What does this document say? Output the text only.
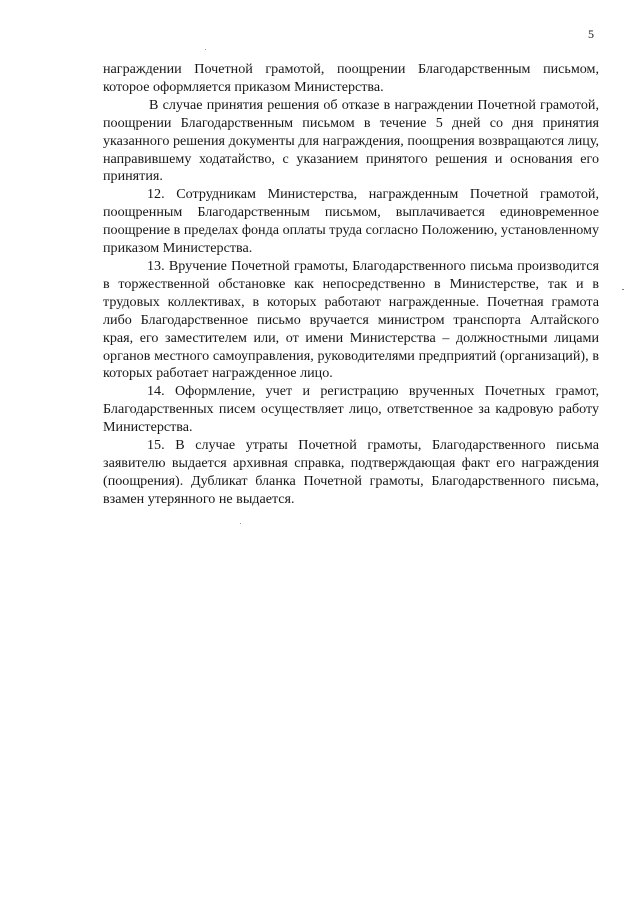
5

награждении Почетной грамотой, поощрении Благодарственным письмом, которое оформляется приказом Министерства.

В случае принятия решения об отказе в награждении Почетной грамотой, поощрении Благодарственным письмом в течение 5 дней со дня принятия указанного решения документы для награждения, поощрения возвращаются лицу, направившему ходатайство, с указанием принятого решения и основания его принятия.

12. Сотрудникам Министерства, награжденным Почетной грамотой, поощренным Благодарственным письмом, выплачивается единовременное поощрение в пределах фонда оплаты труда согласно Положению, установленному приказом Министерства.

13. Вручение Почетной грамоты, Благодарственного письма производится в торжественной обстановке как непосредственно в Министерстве, так и в трудовых коллективах, в которых работают награжденные. Почетная грамота либо Благодарственное письмо вручается министром транспорта Алтайского края, его заместителем или, от имени Министерства – должностными лицами органов местного самоуправления, руководителями предприятий (организаций), в которых работает награжденное лицо.

14. Оформление, учет и регистрацию врученных Почетных грамот, Благодарственных писем осуществляет лицо, ответственное за кадровую работу Министерства.

15. В случае утраты Почетной грамоты, Благодарственного письма заявителю выдается архивная справка, подтверждающая факт его награждения (поощрения). Дубликат бланка Почетной грамоты, Благодарственного письма, взамен утерянного не выдается.
